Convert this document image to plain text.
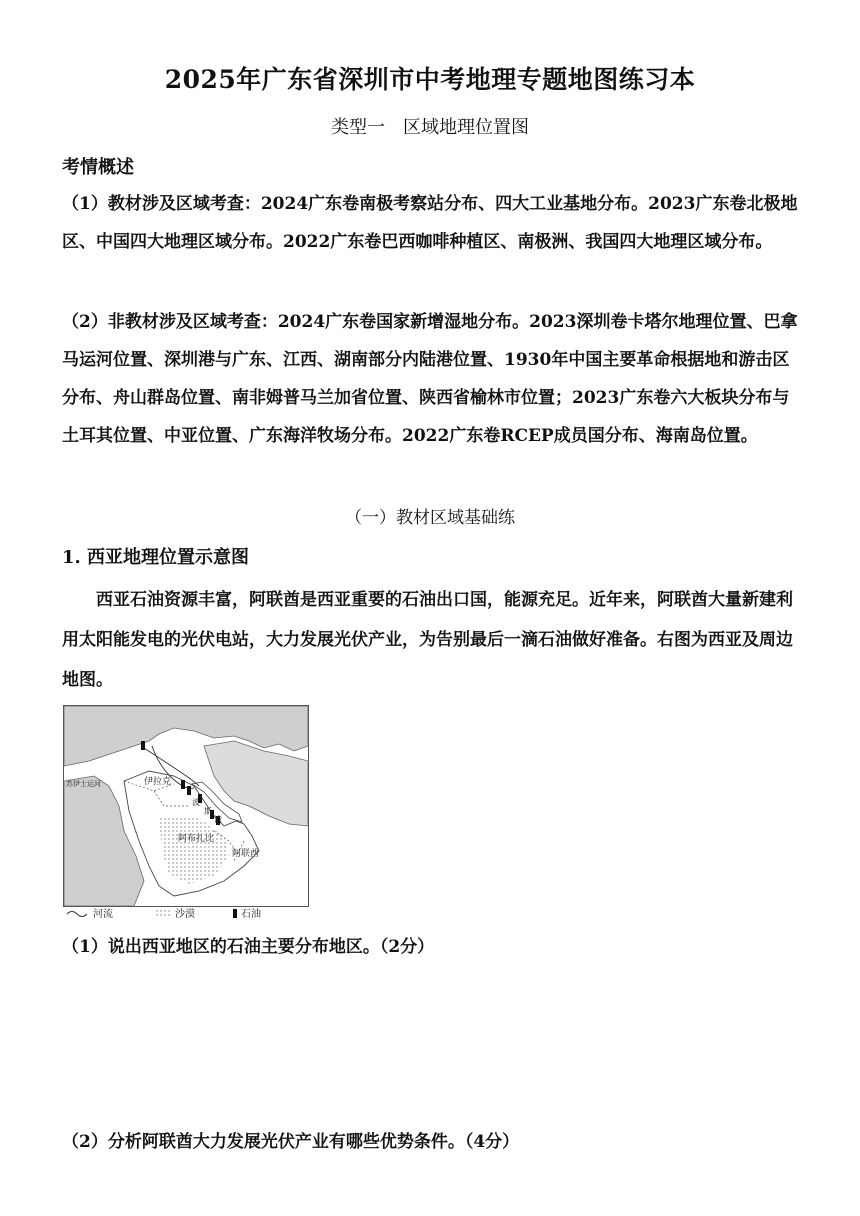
2025年广东省深圳市中考地理专题地图练习本
类型一　区域地理位置图
考情概述
（1）教材涉及区域考查：2024广东卷南极考察站分布、四大工业基地分布。2023广东卷北极地区、中国四大地理区域分布。2022广东卷巴西咖啡种植区、南极洲、我国四大地理区域分布。
（2）非教材涉及区域考查：2024广东卷国家新增湿地分布。2023深圳卷卡塔尔地理位置、巴拿马运河位置、深圳港与广东、江西、湖南部分内陆港位置、1930年中国主要革命根据地和游击区分布、舟山群岛位置、南非姆普马兰加省位置、陕西省榆林市位置；2023广东卷六大板块分布与土耳其位置、中亚位置、广东海洋牧场分布。2022广东卷RCEP成员国分布、海南岛位置。
（一）教材区域基础练
1. 西亚地理位置示意图
西亚石油资源丰富，阿联酋是西亚重要的石油出口国，能源充足。近年来，阿联酋大量新建利用太阳能发电的光伏电站，大力发展光伏产业，为告别最后一滴石油做好准备。右图为西亚及周边地图。
苏伊士运河	伊拉克
波
斯
湾
阿布扎比
阿联酋
河流	沙漠	石油
（1）说出西亚地区的石油主要分布地区。（2分）
（2）分析阿联酋大力发展光伏产业有哪些优势条件。（4分）
